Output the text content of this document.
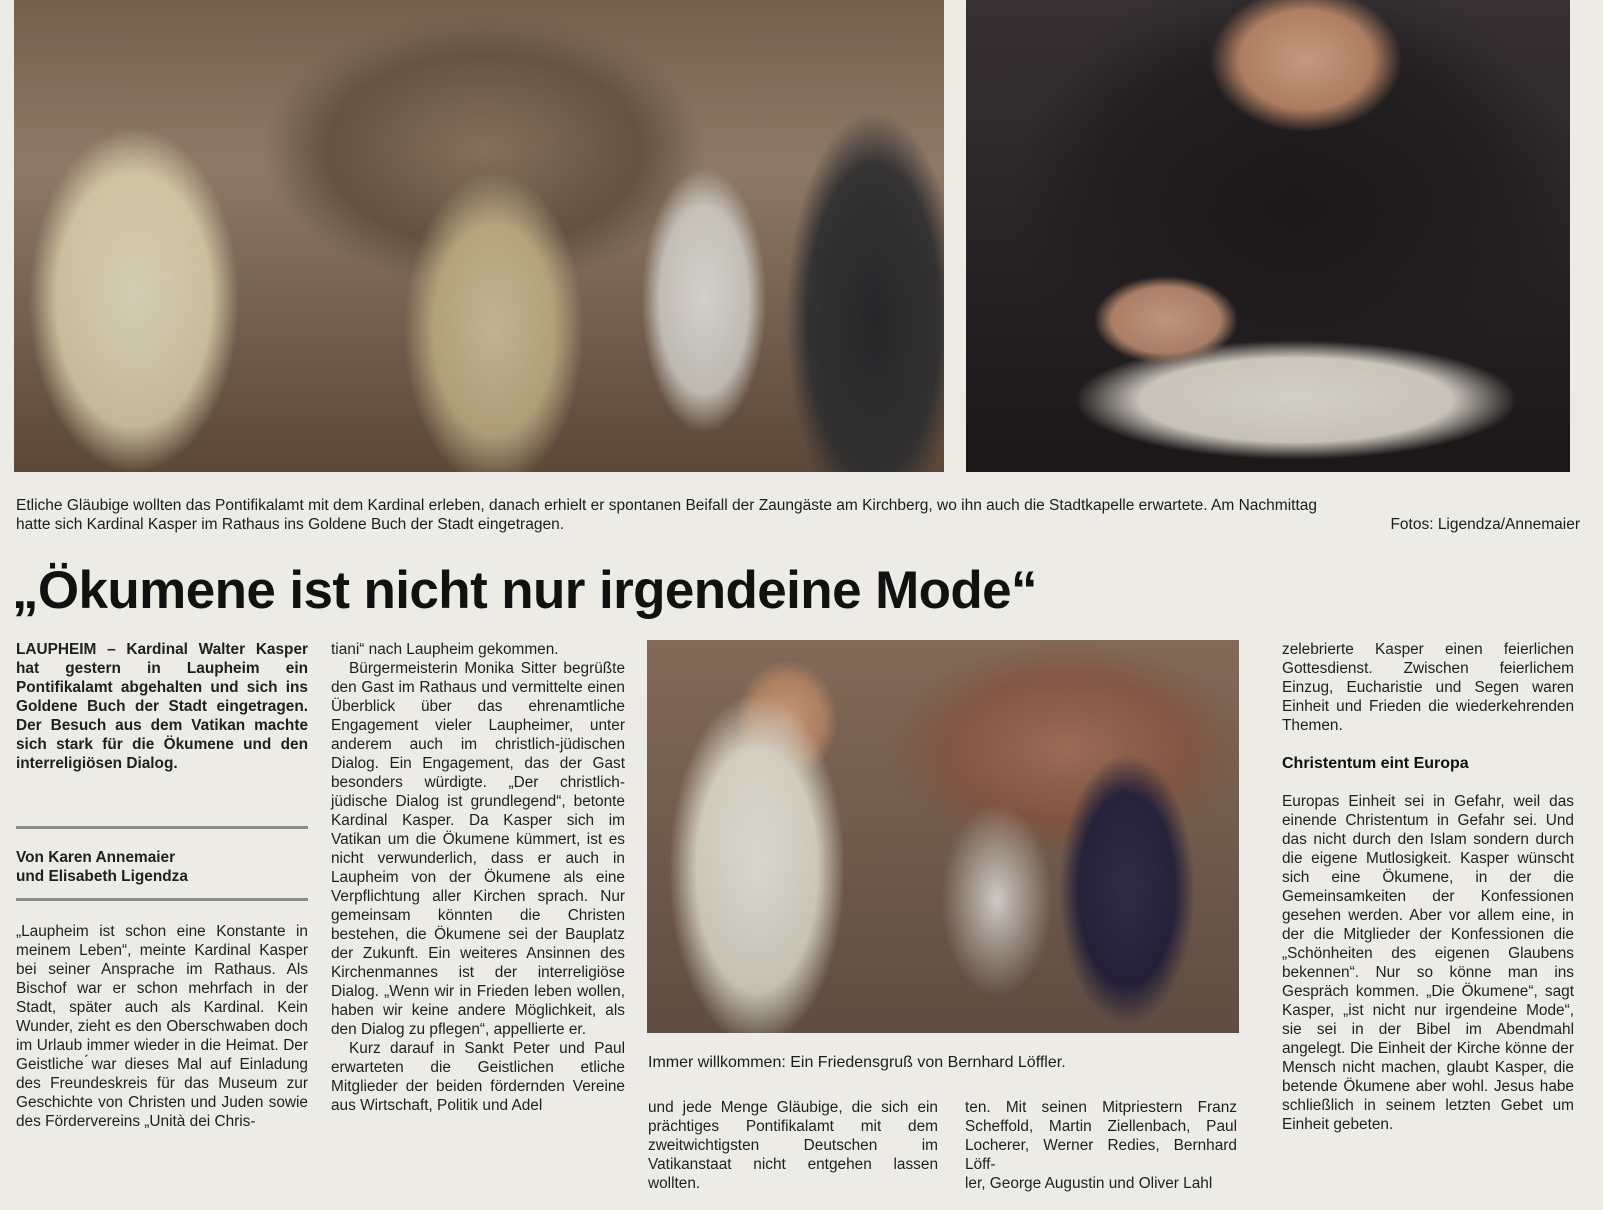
Etliche Gläubige wollten das Pontifikalamt mit dem Kardinal erleben, danach erhielt er spontanen Beifall der Zaungäste am Kirchberg, wo ihn auch die Stadtkapelle erwartete. Am Nachmittag
hatte sich Kardinal Kasper im Rathaus ins Goldene Buch der Stadt eingetragen.	Fotos: Ligendza/Annemaier
„Ökumene ist nicht nur irgendeine Mode“
LAUPHEIM – Kardinal Walter Kasper hat gestern in Laupheim ein Pontifikalamt abgehalten und sich ins Goldene Buch der Stadt eingetragen. Der Besuch aus dem Vatikan machte sich stark für die Ökumene und den interreligiösen Dialog.
Von Karen Annemaier
und Elisabeth Ligendza
„Laupheim ist schon eine Konstante in meinem Leben“, meinte Kardinal Kasper bei seiner Ansprache im Rathaus. Als Bischof war er schon mehrfach in der Stadt, später auch als Kardinal. Kein Wunder, zieht es den Oberschwaben doch im Urlaub immer wieder in die Heimat. Der Geistliche ́war dieses Mal auf Einladung des Freundeskreis für das Museum zur Geschichte von Christen und Juden sowie des Fördervereins „Unità dei Chris-

tiani“ nach Laupheim gekommen.

Bürgermeisterin Monika Sitter begrüßte den Gast im Rathaus und vermittelte einen Überblick über das ehrenamtliche Engagement vieler Laupheimer, unter anderem auch im christlich-jüdischen Dialog. Ein Engagement, das der Gast besonders würdigte. „Der christlich-jüdische Dialog ist grundlegend“, betonte Kardinal Kasper. Da Kasper sich im Vatikan um die Ökumene kümmert, ist es nicht verwunderlich, dass er auch in Laupheim von der Ökumene als eine Verpflichtung aller Kirchen sprach. Nur gemeinsam könnten die Christen bestehen, die Ökumene sei der Bauplatz der Zukunft. Ein weiteres Ansinnen des Kirchenmannes ist der interreligiöse Dialog. „Wenn wir in Frieden leben wollen, haben wir keine andere Möglichkeit, als den Dialog zu pflegen“, appellierte er.

Kurz darauf in Sankt Peter und Paul erwarteten die Geistlichen etliche Mitglieder der beiden fördernden Vereine aus Wirtschaft, Politik und Adel

Immer willkommen: Ein Friedensgruß von Bernhard Löffler.
und jede Menge Gläubige, die sich ein prächtiges Pontifikalamt mit dem zweitwichtigsten Deutschen im Vatikanstaat nicht entgehen lassen wollten.

ten. Mit seinen Mitpriestern Franz Scheffold, Martin Ziellenbach, Paul Locherer, Werner Redies, Bernhard Löff-

ler, George Augustin und Oliver Lahl

zelebrierte Kasper einen feierlichen Gottesdienst. Zwischen feierlichem Einzug, Eucharistie und Segen waren Einheit und Frieden die wiederkehrenden Themen.

Christentum eint Europa

Europas Einheit sei in Gefahr, weil das einende Christentum in Gefahr sei. Und das nicht durch den Islam sondern durch die eigene Mutlosigkeit. Kasper wünscht sich eine Ökumene, in der die Gemeinsamkeiten der Konfessionen gesehen werden. Aber vor allem eine, in der die Mitglieder der Konfessionen die „Schönheiten des eigenen Glaubens bekennen“. Nur so könne man ins Gespräch kommen. „Die Ökumene“, sagt Kasper, „ist nicht nur irgendeine Mode“, sie sei in der Bibel im Abendmahl angelegt. Die Einheit der Kirche könne der Mensch nicht machen, glaubt Kasper, die betende Ökumene aber wohl. Jesus habe schließlich in seinem letzten Gebet um Einheit gebeten.
